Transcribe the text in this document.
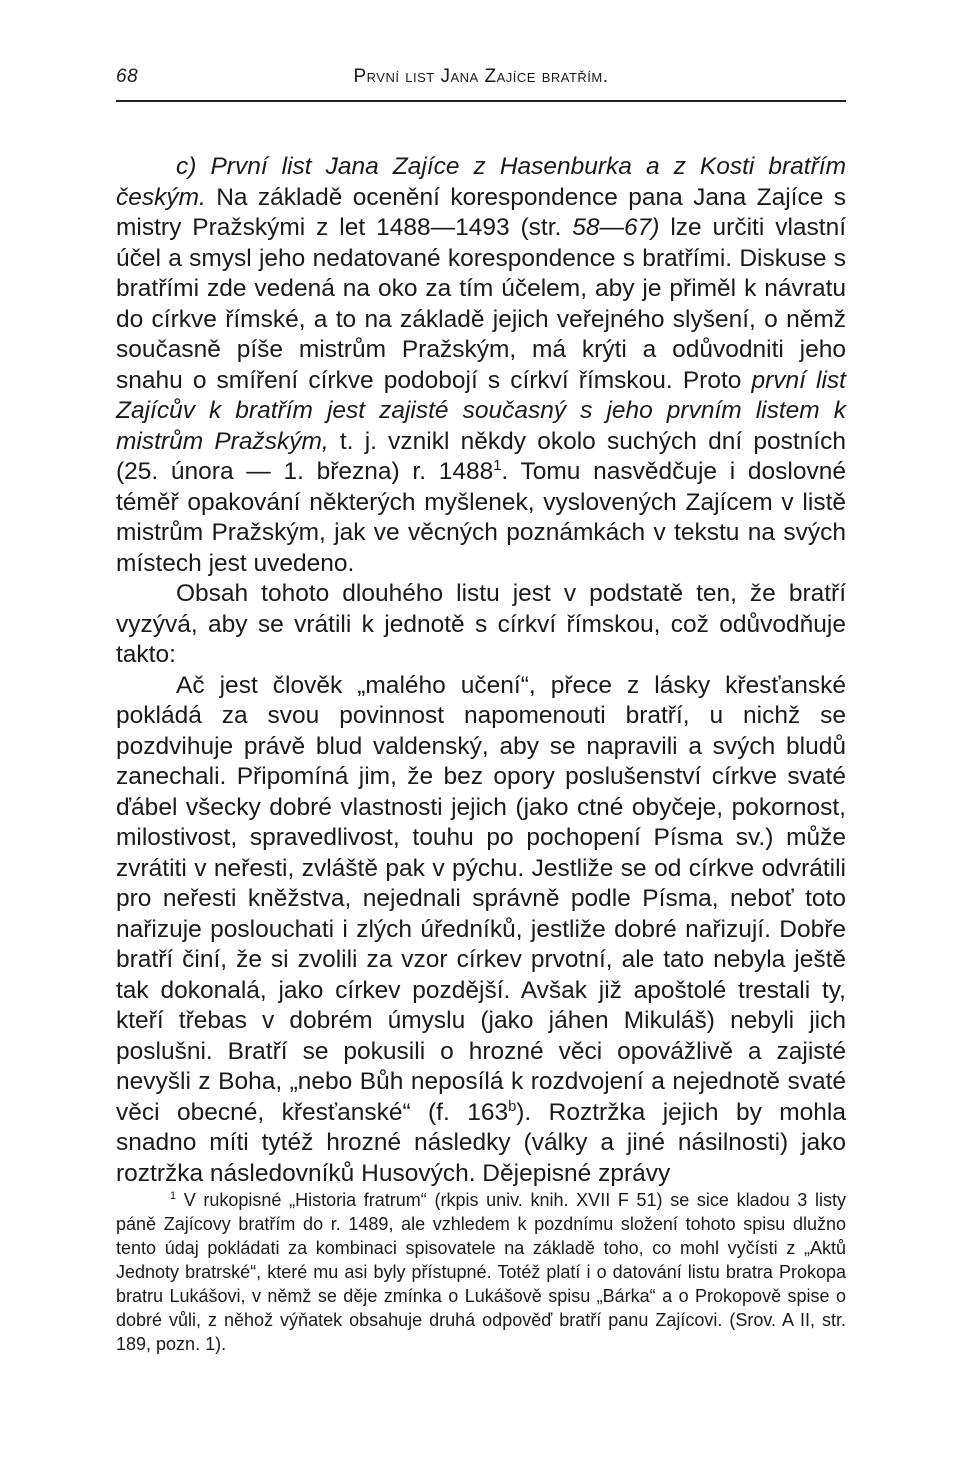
68	První list Jana Zajíce bratřím.

c) První list Jana Zajíce z Hasenburka a z Kosti bratřím českým. Na základě ocenění korespondence pana Jana Zajíce s mistry Pražskými z let 1488—1493 (str. 58—67) lze určiti vlastní účel a smysl jeho nedatované korespondence s bratřími. Diskuse s bratřími zde vedená na oko za tím účelem, aby je přiměl k návratu do církve římské, a to na základě jejich veřejného slyšení, o němž současně píše mistrům Pražským, má krýti a odůvodniti jeho snahu o smíření církve podobojí s církví římskou. Proto první list Zajícův k bratřím jest zajisté současný s jeho prvním listem k mistrům Pražským, t. j. vznikl někdy okolo suchých dní postních (25. února — 1. března) r. 1488$^1$. Tomu nasvědčuje i doslovné téměř opakování některých myšlenek, vyslovených Zajícem v listě mistrům Pražským, jak ve věcných poznámkách v tekstu na svých místech jest uvedeno.

Obsah tohoto dlouhého listu jest v podstatě ten, že bratří vyzývá, aby se vrátili k jednotě s církví římskou, což odůvodňuje takto:

Ač jest člověk „malého učení“, přece z lásky křesťanské pokládá za svou povinnost napomenouti bratří, u nichž se pozdvihuje právě blud valdenský, aby se napravili a svých bludů zanechali. Připomíná jim, že bez opory poslušenství církve svaté ďábel všecky dobré vlastnosti jejich (jako ctné obyčeje, pokornost, milostivost, spravedlivost, touhu po pochopení Písma sv.) může zvrátiti v neřesti, zvláště pak v pýchu. Jestliže se od církve odvrátili pro neřesti kněžstva, nejednali správně podle Písma, neboť toto nařizuje poslouchati i zlých úředníků, jestliže dobré nařizují. Dobře bratří činí, že si zvolili za vzor církev prvotní, ale tato nebyla ještě tak dokonalá, jako církev pozdější. Avšak již apoštolé trestali ty, kteří třebas v dobrém úmyslu (jako jáhen Mikuláš) nebyli jich poslušni. Bratří se pokusili o hrozné věci opovážlivě a zajisté nevyšli z Boha, „nebo Bůh neposílá k rozdvojení a nejednotě svaté věci obecné, křesťanské“ (f. 163$^b$). Roztržka jejich by mohla snadno míti tytéž hrozné následky (války a jiné násilnosti) jako roztržka následovníků Husových. Dějepisné zprávy

$^1$ V rukopisné „Historia fratrum“ (rkpis univ. knih. XVII F 51) se sice kladou 3 listy páně Zajícovy bratřím do r. 1489, ale vzhledem k pozdnímu složení tohoto spisu dlužno tento údaj pokládati za kombinaci spisovatele na základě toho, co mohl vyčísti z „Aktů Jednoty bratrské“, které mu asi byly přístupné. Totéž platí i o datování listu bratra Prokopa bratru Lukášovi, v němž se děje zmínka o Lukášově spisu „Bárka“ a o Prokopově spise o dobré vůli, z něhož výňatek obsahuje druhá odpověď bratří panu Zajícovi. (Srov. A II, str. 189, pozn. 1).
